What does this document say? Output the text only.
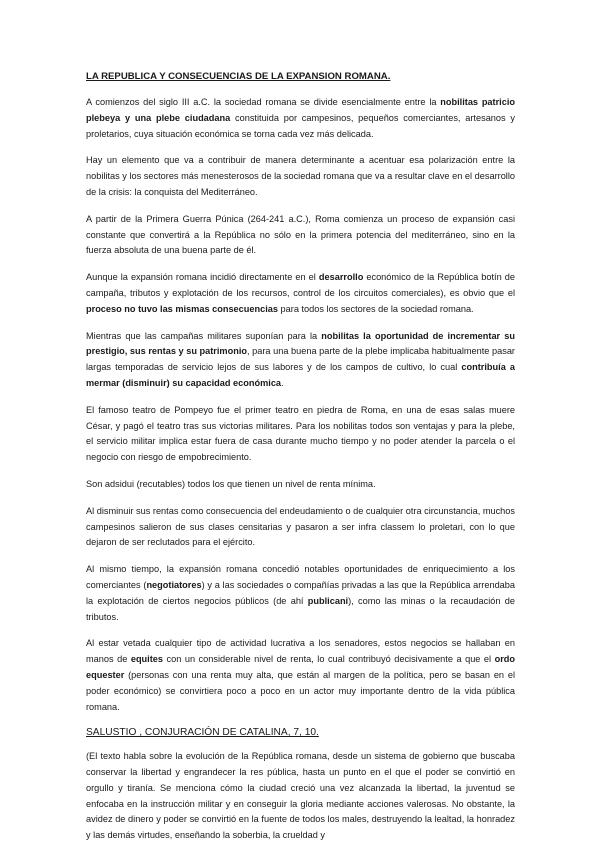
LA REPUBLICA Y CONSECUENCIAS DE LA EXPANSION ROMANA.

A comienzos del siglo III a.C. la sociedad romana se divide esencialmente entre la nobilitas patricio plebeya y una plebe ciudadana constituida por campesinos, pequeños comerciantes, artesanos y proletarios, cuya situación económica se torna cada vez más delicada.

Hay un elemento que va a contribuir de manera determinante a acentuar esa polarización entre la nobilitas y los sectores más menesterosos de la sociedad romana que va a resultar clave en el desarrollo de la crisis: la conquista del Mediterráneo.

A partir de la Primera Guerra Púnica (264-241 a.C.), Roma comienza un proceso de expansión casi constante que convertirá a la República no sólo en la primera potencia del mediterráneo, sino en la fuerza absoluta de una buena parte de él.

Aunque la expansión romana incidió directamente en el desarrollo económico de la República botín de campaña, tributos y explotación de los recursos, control de los circuitos comerciales), es obvio que el proceso no tuvo las mismas consecuencias para todos los sectores de la sociedad romana.

Mientras que las campañas militares suponían para la nobilitas la oportunidad de incrementar su prestigio, sus rentas y su patrimonio, para una buena parte de la plebe implicaba habitualmente pasar largas temporadas de servicio lejos de sus labores y de los campos de cultivo, lo cual contribuía a mermar (disminuir) su capacidad económica.

El famoso teatro de Pompeyo fue el primer teatro en piedra de Roma, en una de esas salas muere César, y pagó el teatro tras sus victorias militares. Para los nobilitas todos son ventajas y para la plebe, el servicio militar implica estar fuera de casa durante mucho tiempo y no poder atender la parcela o el negocio con riesgo de empobrecimiento.

Son adsidui (recutables) todos los que tienen un nivel de renta mínima.

Al disminuir sus rentas como consecuencia del endeudamiento o de cualquier otra circunstancia, muchos campesinos salieron de sus clases censitarias y pasaron a ser infra classem lo proletari, con lo que dejaron de ser reclutados para el ejército.

Al mismo tiempo, la expansión romana concedió notables oportunidades de enriquecimiento a los comerciantes (negotiatores) y a las sociedades o compañías privadas a las que la República arrendaba la explotación de ciertos negocios públicos (de ahí publicani), como las minas o la recaudación de tributos.

Al estar vetada cualquier tipo de actividad lucrativa a los senadores, estos negocios se hallaban en manos de equites con un considerable nivel de renta, lo cual contribuyó decisivamente a que el ordo equester (personas con una renta muy alta, que están al margen de la política, pero se basan en el poder económico) se convirtiera poco a poco en un actor muy importante dentro de la vida pública romana.

SALUSTIO , CONJURACIÓN DE CATALINA, 7, 10.

(El texto habla sobre la evolución de la República romana, desde un sistema de gobierno que buscaba conservar la libertad y engrandecer la res pública, hasta un punto en el que el poder se convirtió en orgullo y tiranía. Se menciona cómo la ciudad creció una vez alcanzada la libertad, la juventud se enfocaba en la instrucción militar y en conseguir la gloria mediante acciones valerosas. No obstante, la avidez de dinero y poder se convirtió en la fuente de todos los males, destruyendo la lealtad, la honradez y las demás virtudes, enseñando la soberbia, la crueldad y
